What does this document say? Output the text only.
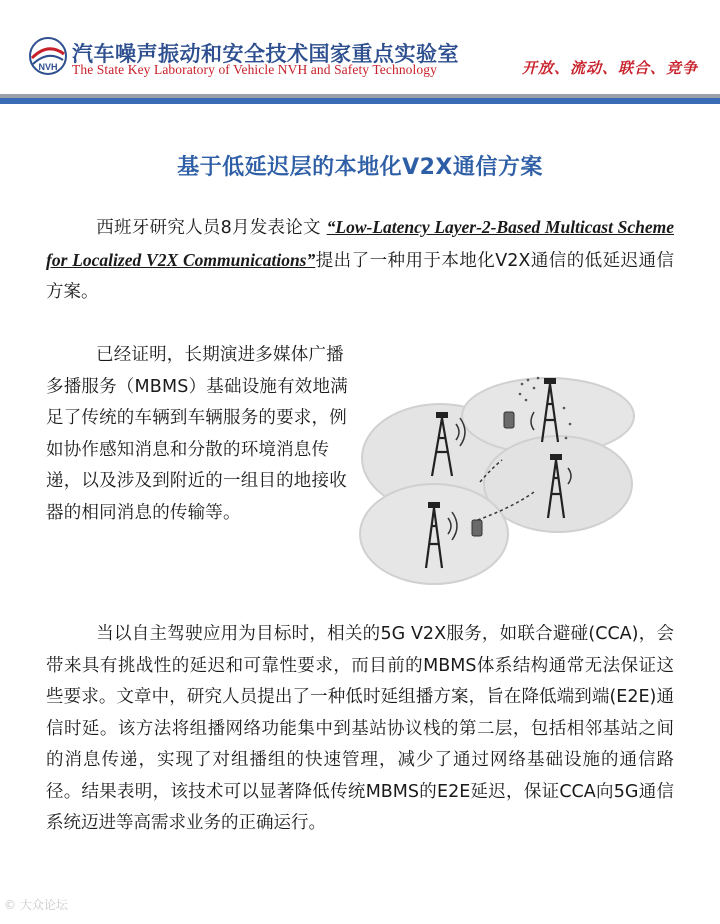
NVH
汽车噪声振动和安全技术国家重点实验室
The State Key Laboratory of Vehicle NVH and Safety Technology	开放、流动、联合、竞争
基于低延迟层的本地化V2X通信方案
西班牙研究人员8月发表论文 “Low-Latency Layer-2-Based Multicast Scheme for Localized V2X Communications”提出了一种用于本地化V2X通信的低延迟通信方案。
已经证明，长期演进多媒体广播多播服务（MBMS）基础设施有效地满足了传统的车辆到车辆服务的要求，例如协作感知消息和分散的环境消息传递，以及涉及到附近的一组目的地接收器的相同消息的传输等。
当以自主驾驶应用为目标时，相关的5G V2X服务，如联合避碰(CCA)，会带来具有挑战性的延迟和可靠性要求，而目前的MBMS体系结构通常无法保证这些要求。文章中，研究人员提出了一种低时延组播方案，旨在降低端到端(E2E)通信时延。该方法将组播网络功能集中到基站协议栈的第二层，包括相邻基站之间的消息传递，实现了对组播组的快速管理，减少了通过网络基础设施的通信路径。结果表明，该技术可以显著降低传统MBMS的E2E延迟，保证CCA向5G通信系统迈进等高需求业务的正确运行。
© 大众论坛
